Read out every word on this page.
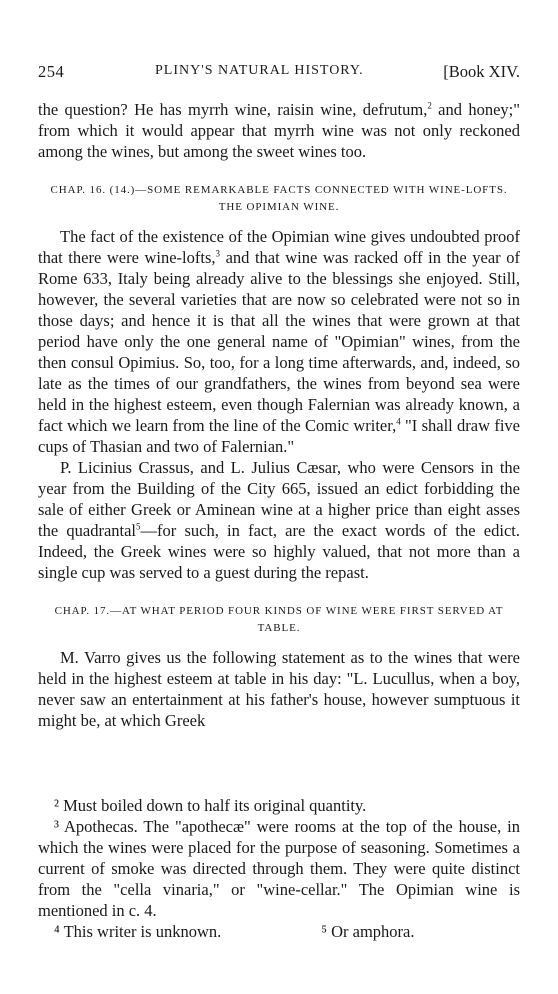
254	PLINY'S NATURAL HISTORY.	[Book XIV.

the question? He has myrrh wine, raisin wine, defrutum,$^2$ and honey;" from which it would appear that myrrh wine was not only reckoned among the wines, but among the sweet wines too.

CHAP. 16. (14.)—SOME REMARKABLE FACTS CONNECTED WITH WINE-LOFTS. THE OPIMIAN WINE.

The fact of the existence of the Opimian wine gives undoubted proof that there were wine-lofts,$^3$ and that wine was racked off in the year of Rome 633, Italy being already alive to the blessings she enjoyed. Still, however, the several varieties that are now so celebrated were not so in those days; and hence it is that all the wines that were grown at that period have only the one general name of "Opimian" wines, from the then consul Opimius. So, too, for a long time afterwards, and, indeed, so late as the times of our grandfathers, the wines from beyond sea were held in the highest esteem, even though Falernian was already known, a fact which we learn from the line of the Comic writer,$^4$ "I shall draw five cups of Thasian and two of Falernian."

P. Licinius Crassus, and L. Julius Cæsar, who were Censors in the year from the Building of the City 665, issued an edict forbidding the sale of either Greek or Aminean wine at a higher price than eight asses the quadrantal$^5$—for such, in fact, are the exact words of the edict. Indeed, the Greek wines were so highly valued, that not more than a single cup was served to a guest during the repast.

CHAP. 17.—AT WHAT PERIOD FOUR KINDS OF WINE WERE FIRST SERVED AT TABLE.

M. Varro gives us the following statement as to the wines that were held in the highest esteem at table in his day: "L. Lucullus, when a boy, never saw an entertainment at his father's house, however sumptuous it might be, at which Greek

² Must boiled down to half its original quantity.

³ Apothecas. The "apothecæ" were rooms at the top of the house, in which the wines were placed for the purpose of seasoning. Sometimes a current of smoke was directed through them. They were quite distinct from the "cella vinaria," or "wine-cellar." The Opimian wine is mentioned in c. 4.

⁴ This writer is unknown.	⁵ Or amphora.
